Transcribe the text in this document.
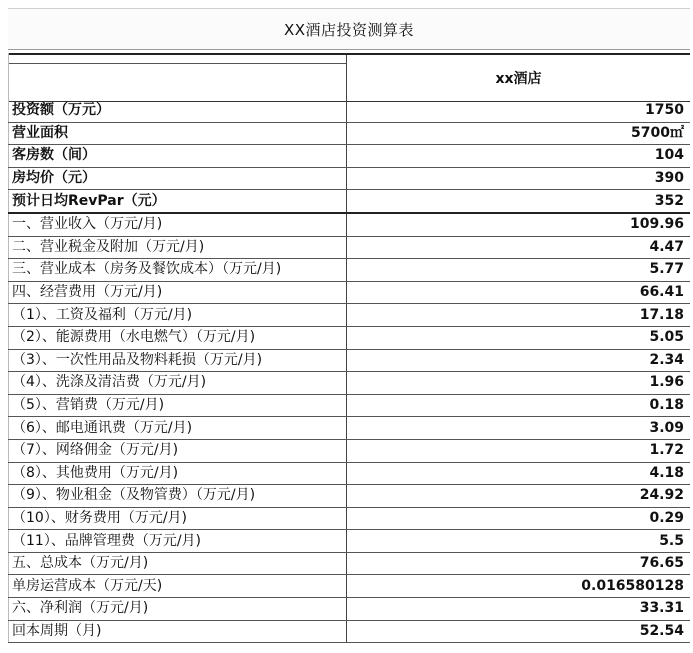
XX酒店投资测算表
xx酒店
投资额（万元）	1750
营业面积	5700㎡
客房数（间）	104
房均价（元）	390
预计日均RevPar（元）	352
一、营业收入（万元/月)	109.96
二、营业税金及附加（万元/月)	4.47
三、营业成本（房务及餐饮成本）（万元/月)	5.77
四、经营费用（万元/月)	66.41
（1）、工资及福利（万元/月)	17.18
（2）、能源费用（水电燃气）（万元/月)	5.05
（3）、一次性用品及物料耗损（万元/月)	2.34
（4）、洗涤及清洁费（万元/月)	1.96
（5）、营销费（万元/月)	0.18
（6）、邮电通讯费（万元/月)	3.09
（7）、网络佣金（万元/月)	1.72
（8）、其他费用（万元/月)	4.18
（9）、物业租金（及物管费）（万元/月)	24.92
（10）、财务费用（万元/月)	0.29
（11）、品牌管理费（万元/月)	5.5
五、总成本（万元/月)	76.65
单房运营成本（万元/天)	0.016580128
六、净利润（万元/月)	33.31
回本周期（月)	52.54
